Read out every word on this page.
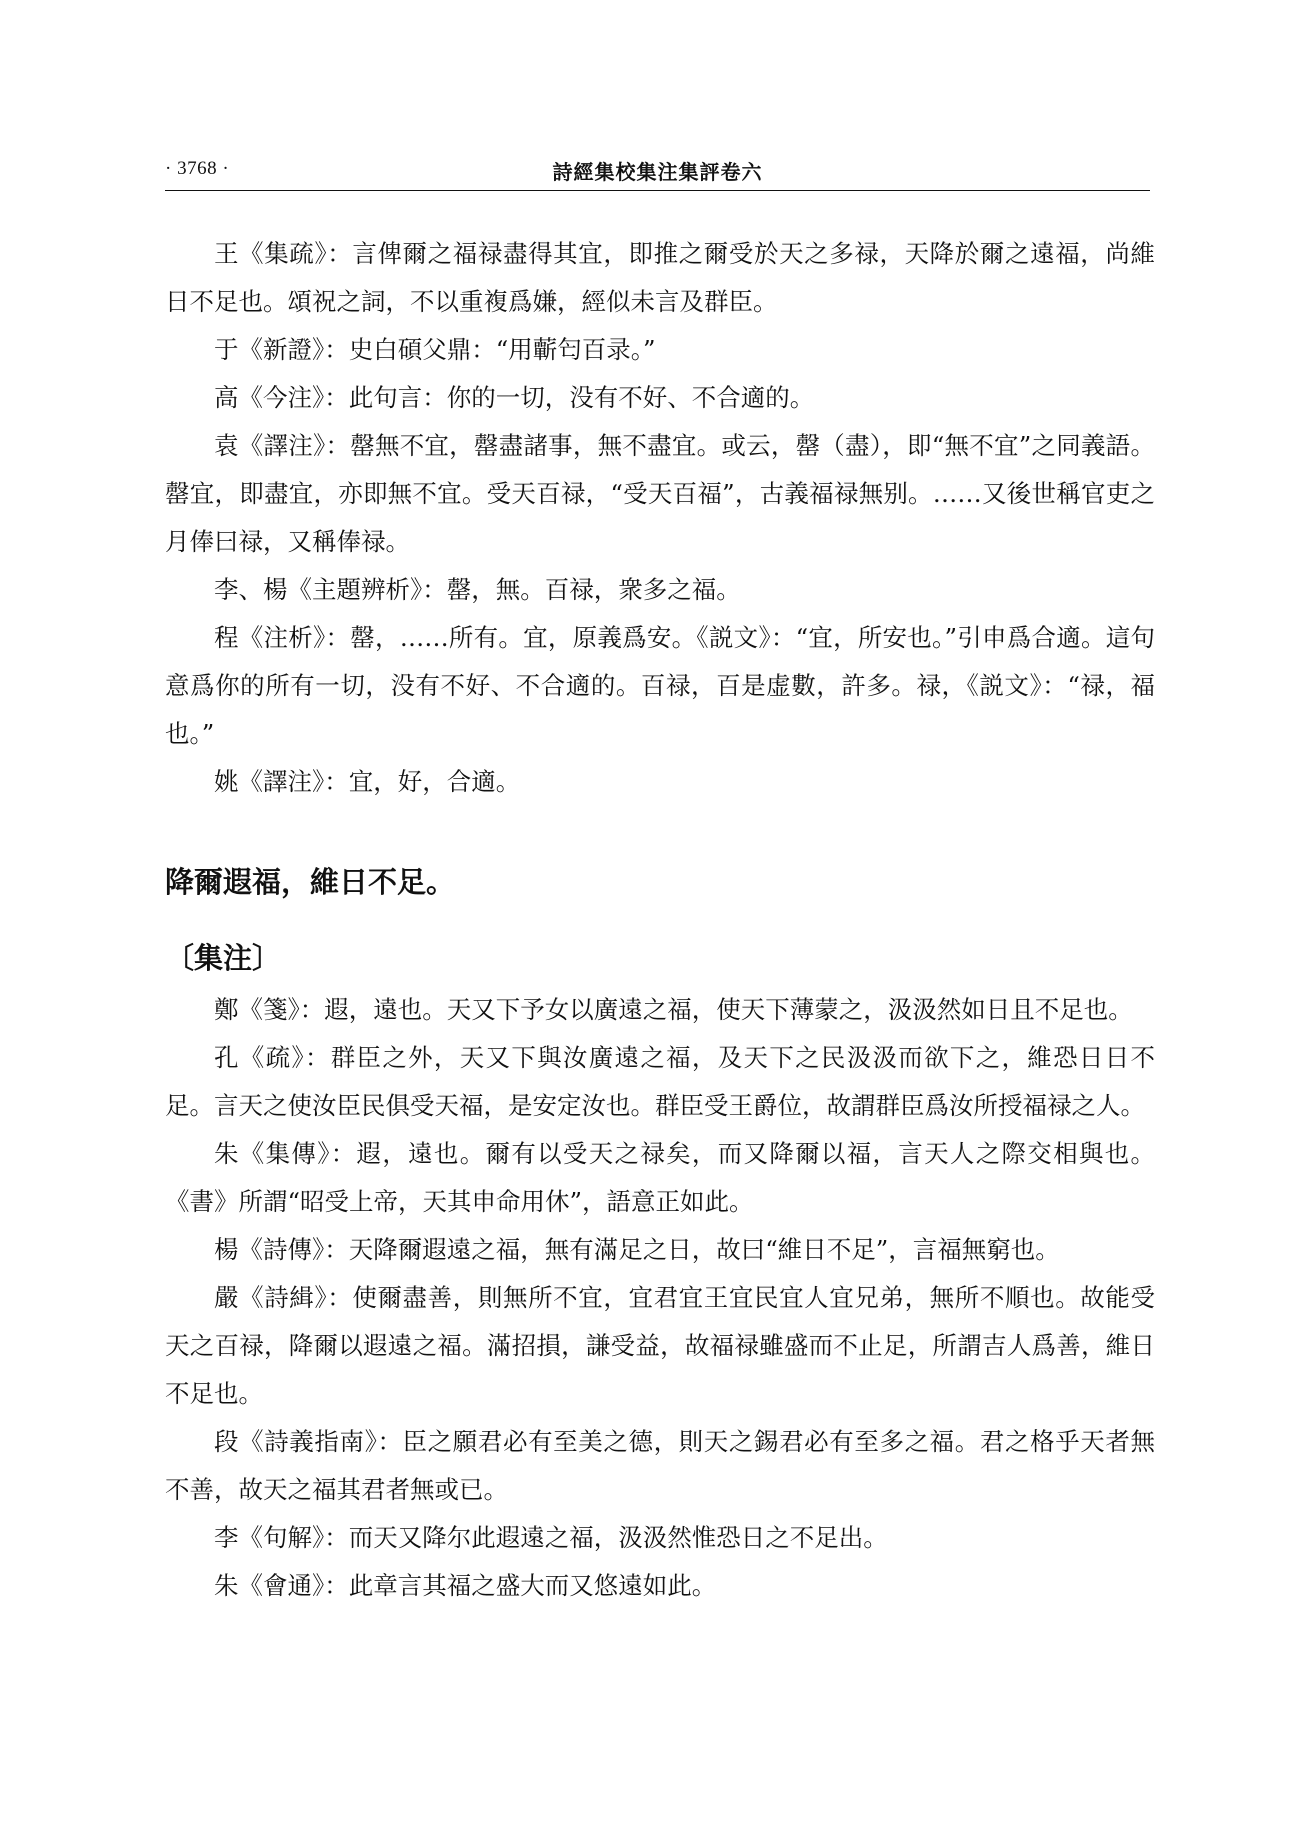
· 3768 ·	詩經集校集注集評卷六

王《集疏》：言俾爾之福禄盡得其宜，即推之爾受於天之多禄，天降於爾之遠福，尚維日不足也。頌祝之詞，不以重複爲嫌，經似未言及群臣。

于《新證》：史白碩父鼎：“用蘄匄百录。”

高《今注》：此句言：你的一切，没有不好、不合適的。

袁《譯注》：罄無不宜，罄盡諸事，無不盡宜。或云，罄（盡），即“無不宜”之同義語。罄宜，即盡宜，亦即無不宜。受天百禄，“受天百福”，古義福禄無别。……又後世稱官吏之月俸曰禄，又稱俸禄。

李、楊《主題辨析》：罄，無。百禄，衆多之福。

程《注析》：罄，……所有。宜，原義爲安。《説文》：“宜，所安也。”引申爲合適。這句意爲你的所有一切，没有不好、不合適的。百禄，百是虚數，許多。禄，《説文》：“禄，福也。”

姚《譯注》：宜，好，合適。

降爾遐福，維日不足。
〔集注〕

鄭《箋》：遐，遠也。天又下予女以廣遠之福，使天下薄蒙之，汲汲然如日且不足也。

孔《疏》：群臣之外，天又下與汝廣遠之福，及天下之民汲汲而欲下之，維恐日日不足。言天之使汝臣民俱受天福，是安定汝也。群臣受王爵位，故謂群臣爲汝所授福禄之人。

朱《集傳》：遐，遠也。爾有以受天之禄矣，而又降爾以福，言天人之際交相與也。《書》所謂“昭受上帝，天其申命用休”，語意正如此。

楊《詩傳》：天降爾遐遠之福，無有滿足之日，故曰“維日不足”，言福無窮也。

嚴《詩緝》：使爾盡善，則無所不宜，宜君宜王宜民宜人宜兄弟，無所不順也。故能受天之百禄，降爾以遐遠之福。滿招損，謙受益，故福禄雖盛而不止足，所謂吉人爲善，維日不足也。

段《詩義指南》：臣之願君必有至美之德，則天之錫君必有至多之福。君之格乎天者無不善，故天之福其君者無或已。

李《句解》：而天又降尔此遐遠之福，汲汲然惟恐日之不足出。

朱《會通》：此章言其福之盛大而又悠遠如此。
